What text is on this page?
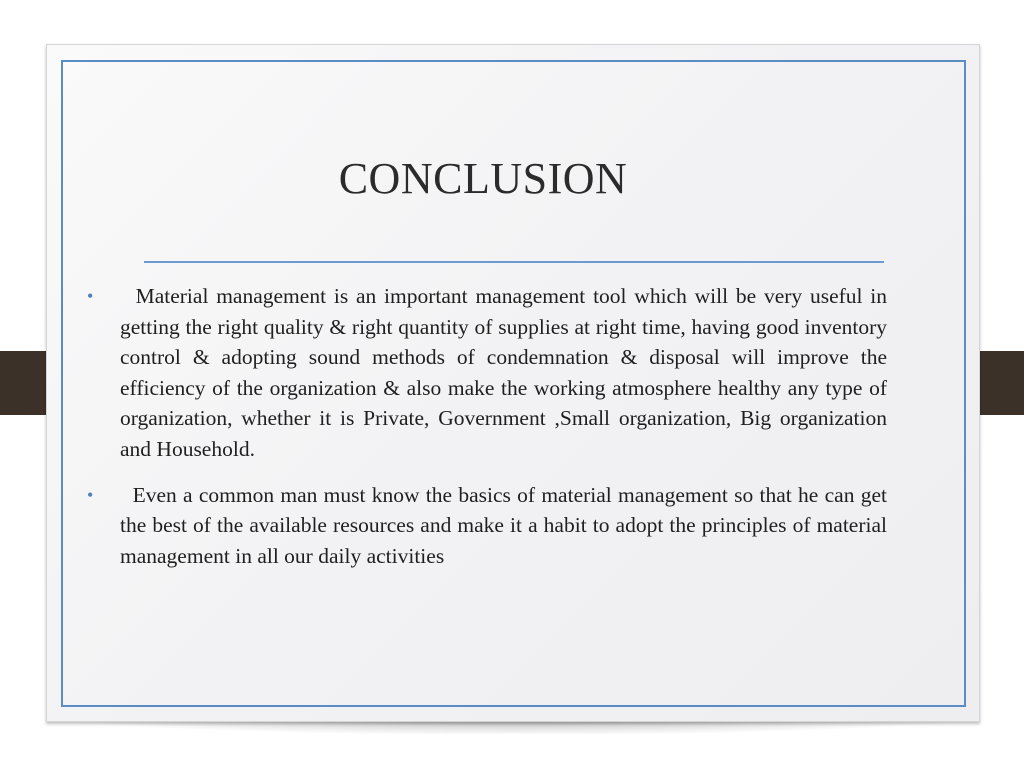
CONCLUSION
• Material management is an important management tool which will be very useful in getting the right quality & right quantity of supplies at right time, having good inventory control & adopting sound methods of condemnation & disposal will improve the efficiency of the organization & also make the working atmosphere healthy any type of organization, whether it is Private, Government ,Small organization, Big organization and Household.
• Even a common man must know the basics of material management so that he can get the best of the available resources and make it a habit to adopt the principles of material management in all our daily activities
